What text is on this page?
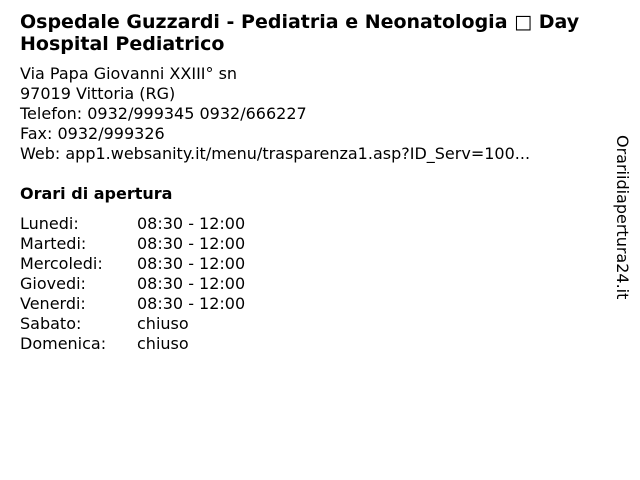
Ospedale Guzzardi - Pediatria e Neonatologia □ Day Hospital Pediatrico
Via Papa Giovanni XXIII° sn
97019 Vittoria (RG)
Telefon: 0932/999345 0932/666227
Fax: 0932/999326
Web: app1.websanity.it/menu/trasparenza1.asp?ID_Serv=100...
Orari di apertura
Lunedi:	08:30 - 12:00
Martedi:	08:30 - 12:00
Mercoledi:	08:30 - 12:00
Giovedi:	08:30 - 12:00
Venerdi:	08:30 - 12:00
Sabato:	chiuso
Domenica:	chiuso
Orariidiapertura24.it
